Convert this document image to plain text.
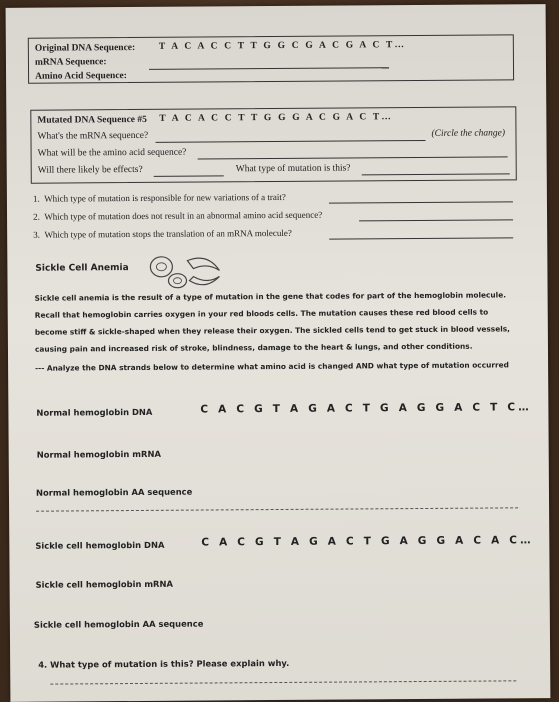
Original DNA Sequence: T A C A C C T T G G C G A C G A C T…
mRNA Sequence:
Amino Acid Sequence:
Mutated DNA Sequence #5 T A C A C C T T G G G A C G A C T…
What's the mRNA sequence?	(Circle the change)
What will be the amino acid sequence?
Will there likely be effects?	What type of mutation is this?
1. Which type of mutation is responsible for new variations of a trait?
2. Which type of mutation does not result in an abnormal amino acid sequence?
3. Which type of mutation stops the translation of an mRNA molecule?
Sickle Cell Anemia
Sickle cell anemia is the result of a type of mutation in the gene that codes for part of the hemoglobin molecule. Recall that hemoglobin carries oxygen in your red bloods cells. The mutation causes these red blood cells to become stiff & sickle-shaped when they release their oxygen. The sickled cells tend to get stuck in blood vessels, causing pain and increased risk of stroke, blindness, damage to the heart & lungs, and other conditions.
--- Analyze the DNA strands below to determine what amino acid is changed AND what type of mutation occurred
Normal hemoglobin DNA	C A C G T A G A C T G A G G A C T C…
Normal hemoglobin mRNA
Normal hemoglobin AA sequence
Sickle cell hemoglobin DNA	C A C G T A G A C T G A G G A C A C…
Sickle cell hemoglobin mRNA
Sickle cell hemoglobin AA sequence
4. What type of mutation is this? Please explain why.
